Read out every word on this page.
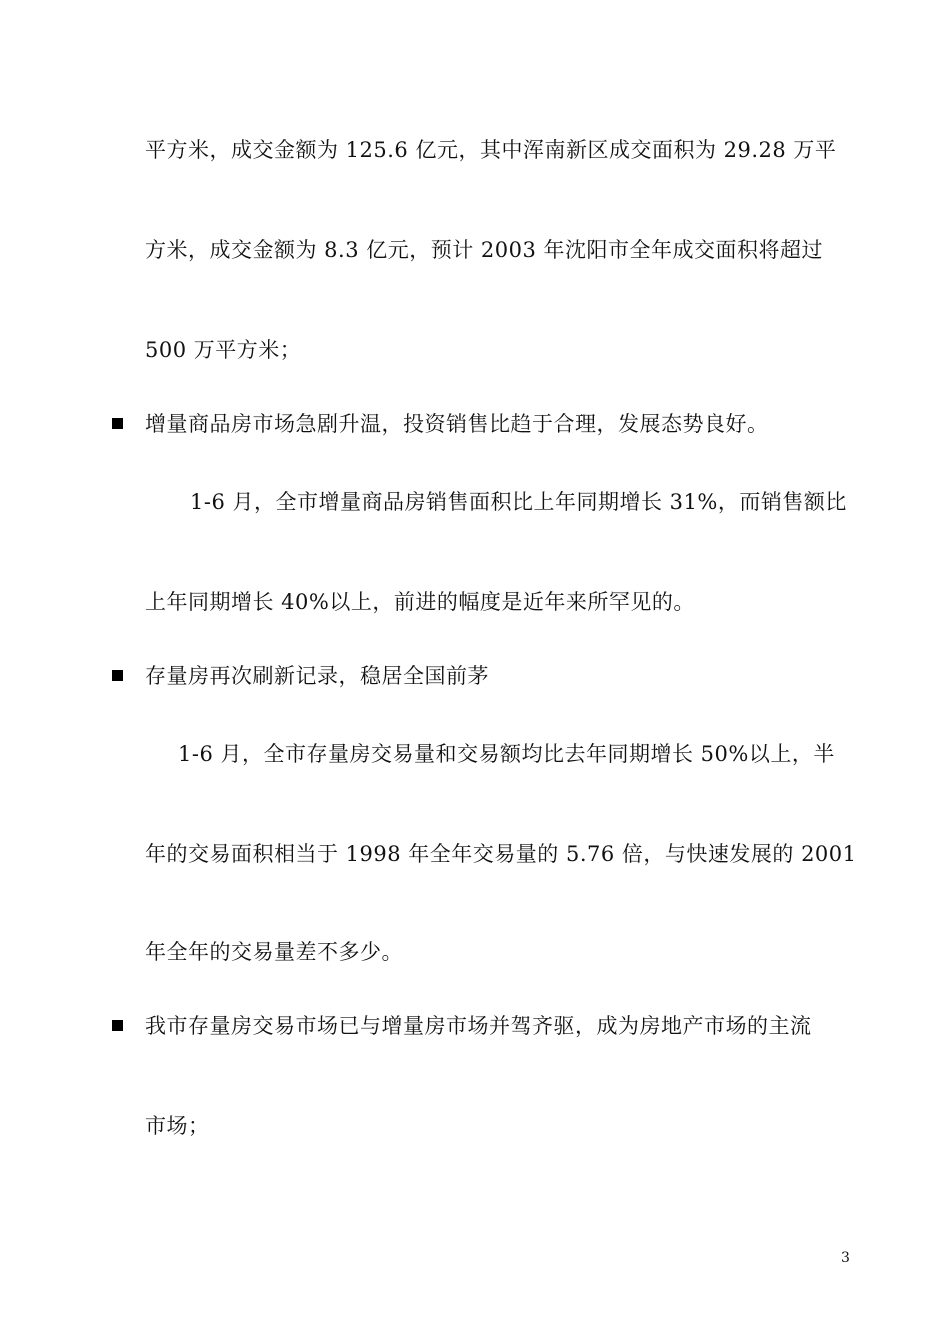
平方米，成交金额为 125.6 亿元，其中浑南新区成交面积为 29.28 万平
方米，成交金额为 8.3 亿元，预计 2003 年沈阳市全年成交面积将超过
500 万平方米；
增量商品房市场急剧升温，投资销售比趋于合理，发展态势良好。
1-6 月，全市增量商品房销售面积比上年同期增长 31%，而销售额比
上年同期增长 40%以上，前进的幅度是近年来所罕见的。
存量房再次刷新记录，稳居全国前茅
1-6 月，全市存量房交易量和交易额均比去年同期增长 50%以上，半
年的交易面积相当于 1998 年全年交易量的 5.76 倍，与快速发展的 2001
年全年的交易量差不多少。
我市存量房交易市场已与增量房市场并驾齐驱，成为房地产市场的主流
市场；
3
